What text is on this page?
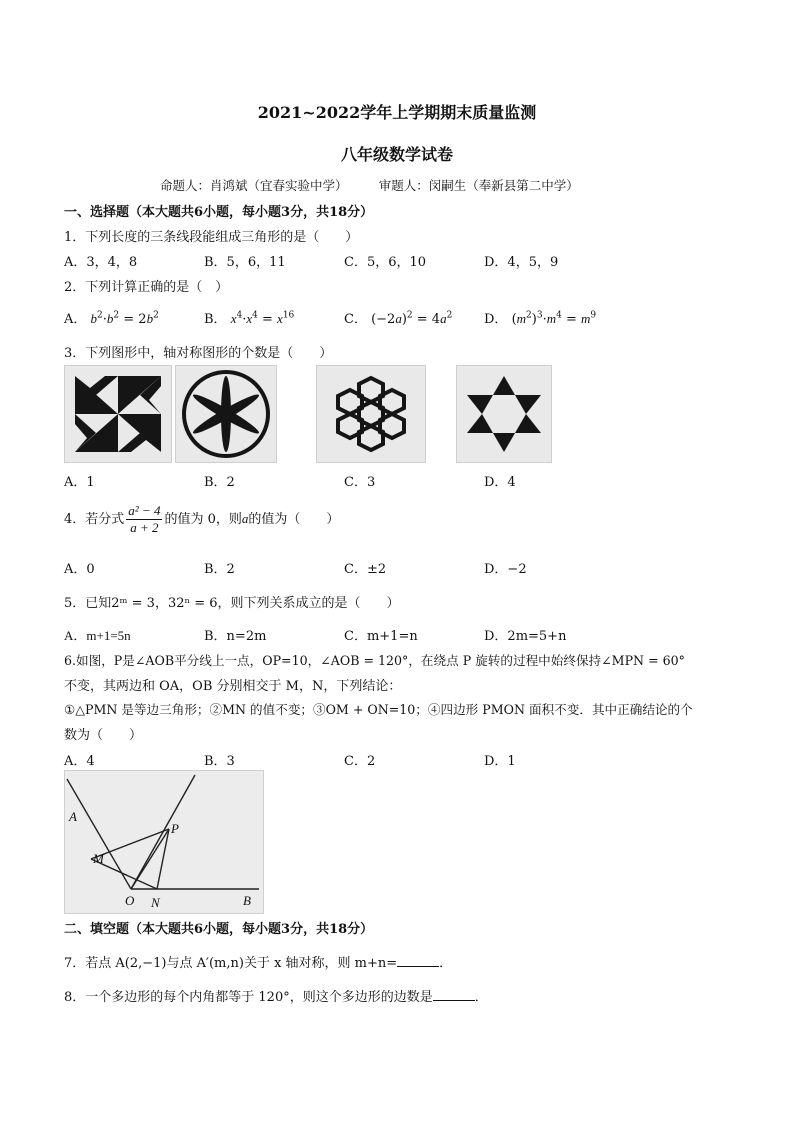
2021~2022学年上学期期末质量监测
八年级数学试卷
命题人：肖鸿斌（宜春实验中学）　　　审题人：闵嗣生（奉新县第二中学）
一、选择题（本大题共6小题，每小题3分，共18分）
1．下列长度的三条线段能组成三角形的是（　　）
A．3，4，8	B．5，6，11	C．5，6，10	D．4，5，9
2．下列计算正确的是（　）
A． $b^2\cdot b^2 = 2b^2$	B． $x^4\cdot x^4 = x^{16}$	C． $(-2a)^2 = 4a^2$ D． $(m^2)^3\cdot m^4 = m^9$
3．下列图形中，轴对称图形的个数是（　　）
A．1	B．2	C．3	D．4
4．若分式 $\frac{\text{a² − 4}}{a + 2}$ 的值为 0，则a的值为（　　）
A．0	B．2	C．±2	D．−2
5．已知2ᵐ = 3，32ⁿ = 6，则下列关系成立的是（　　）
A．m+1=5n	B．n=2m	C．m+1=n	D．2m=5+n
6.如图，P是∠AOB平分线上一点，OP=10，∠AOB = 120°，在绕点 P 旋转的过程中始终保持∠MPN = 60°
不变，其两边和 OA，OB 分别相交于 M，N，下列结论：
①△PMN 是等边三角形；②MN 的值不变；③OM + ON=10；④四边形 PMON 面积不变．其中正确结论的个
数为（　　）
A．4	B．3	C．2	D．1
A
M
P
O N	B
二、填空题（本大题共6小题，每小题3分，共18分）
7．若点 A(2,−1)与点 A′(m,n)关于 x 轴对称，则 m+n=	．
8．一个多边形的每个内角都等于 120°，则这个多边形的边数是	．
